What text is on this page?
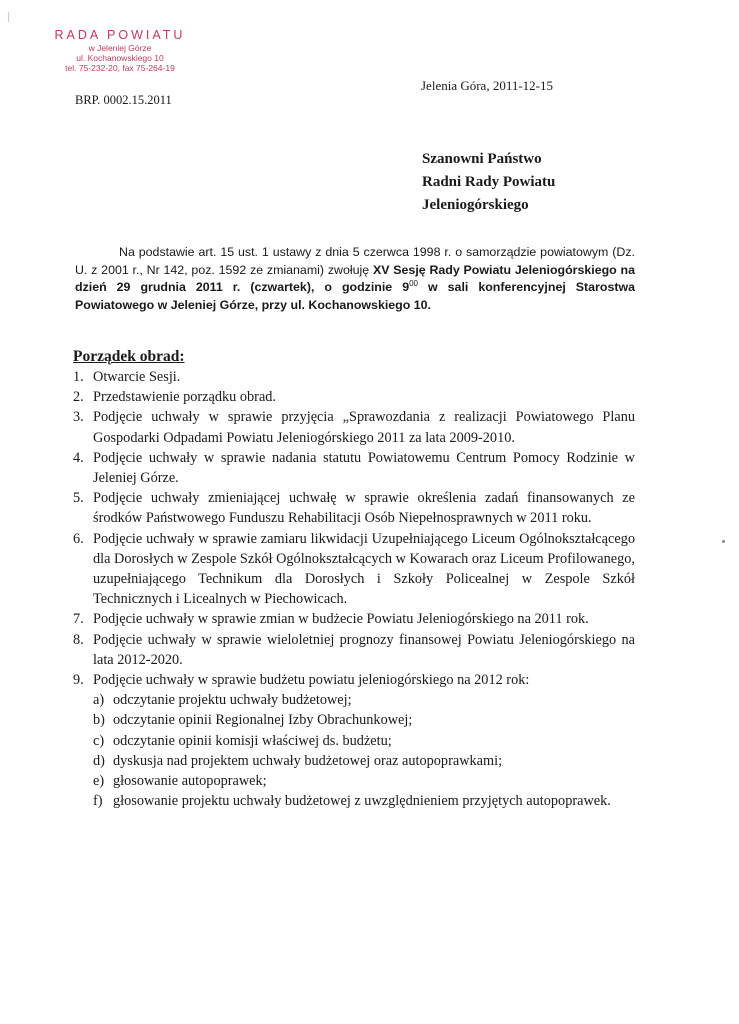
RADA POWIATU
w Jeleniej Górze
ul. Kochanowskiego 10
tel. 75-232-20, fax 75-264-19
BRP. 0002.15.2011
Jelenia Góra, 2011-12-15
Szanowni Państwo
Radni Rady Powiatu
Jeleniogórskiego
Na podstawie art. 15 ust. 1 ustawy z dnia 5 czerwca 1998 r. o samorządzie powiatowym (Dz. U. z 2001 r., Nr 142, poz. 1592 ze zmianami) zwołuję XV Sesję Rady Powiatu Jeleniogórskiego na dzień 29 grudnia 2011 r. (czwartek), o godzinie $9^{00}$ w sali konferencyjnej Starostwa Powiatowego w Jeleniej Górze, przy ul. Kochanowskiego 10.
Porządek obrad:
1. Otwarcie Sesji.
2. Przedstawienie porządku obrad.
3. Podjęcie uchwały w sprawie przyjęcia „Sprawozdania z realizacji Powiatowego Planu Gospodarki Odpadami Powiatu Jeleniogórskiego 2011 za lata 2009-2010.
4. Podjęcie uchwały w sprawie nadania statutu Powiatowemu Centrum Pomocy Rodzinie w Jeleniej Górze.
5. Podjęcie uchwały zmieniającej uchwałę w sprawie określenia zadań finansowanych ze środków Państwowego Funduszu Rehabilitacji Osób Niepełnosprawnych w 2011 roku.
6. Podjęcie uchwały w sprawie zamiaru likwidacji Uzupełniającego Liceum Ogólnokształcącego dla Dorosłych w Zespole Szkół Ogólnokształcących w Kowarach oraz Liceum Profilowanego, uzupełniającego Technikum dla Dorosłych i Szkoły Policealnej w Zespole Szkół Technicznych i Licealnych w Piechowicach.
7. Podjęcie uchwały w sprawie zmian w budżecie Powiatu Jeleniogórskiego na 2011 rok.
8. Podjęcie uchwały w sprawie wieloletniej prognozy finansowej Powiatu Jeleniogórskiego na lata 2012-2020.
9. Podjęcie uchwały w sprawie budżetu powiatu jeleniogórskiego na 2012 rok:
a) odczytanie projektu uchwały budżetowej;
b) odczytanie opinii Regionalnej Izby Obrachunkowej;
c) odczytanie opinii komisji właściwej ds. budżetu;
d) dyskusja nad projektem uchwały budżetowej oraz autopoprawkami;
e) głosowanie autopoprawek;
f) głosowanie projektu uchwały budżetowej z uwzględnieniem przyjętych autopoprawek.
